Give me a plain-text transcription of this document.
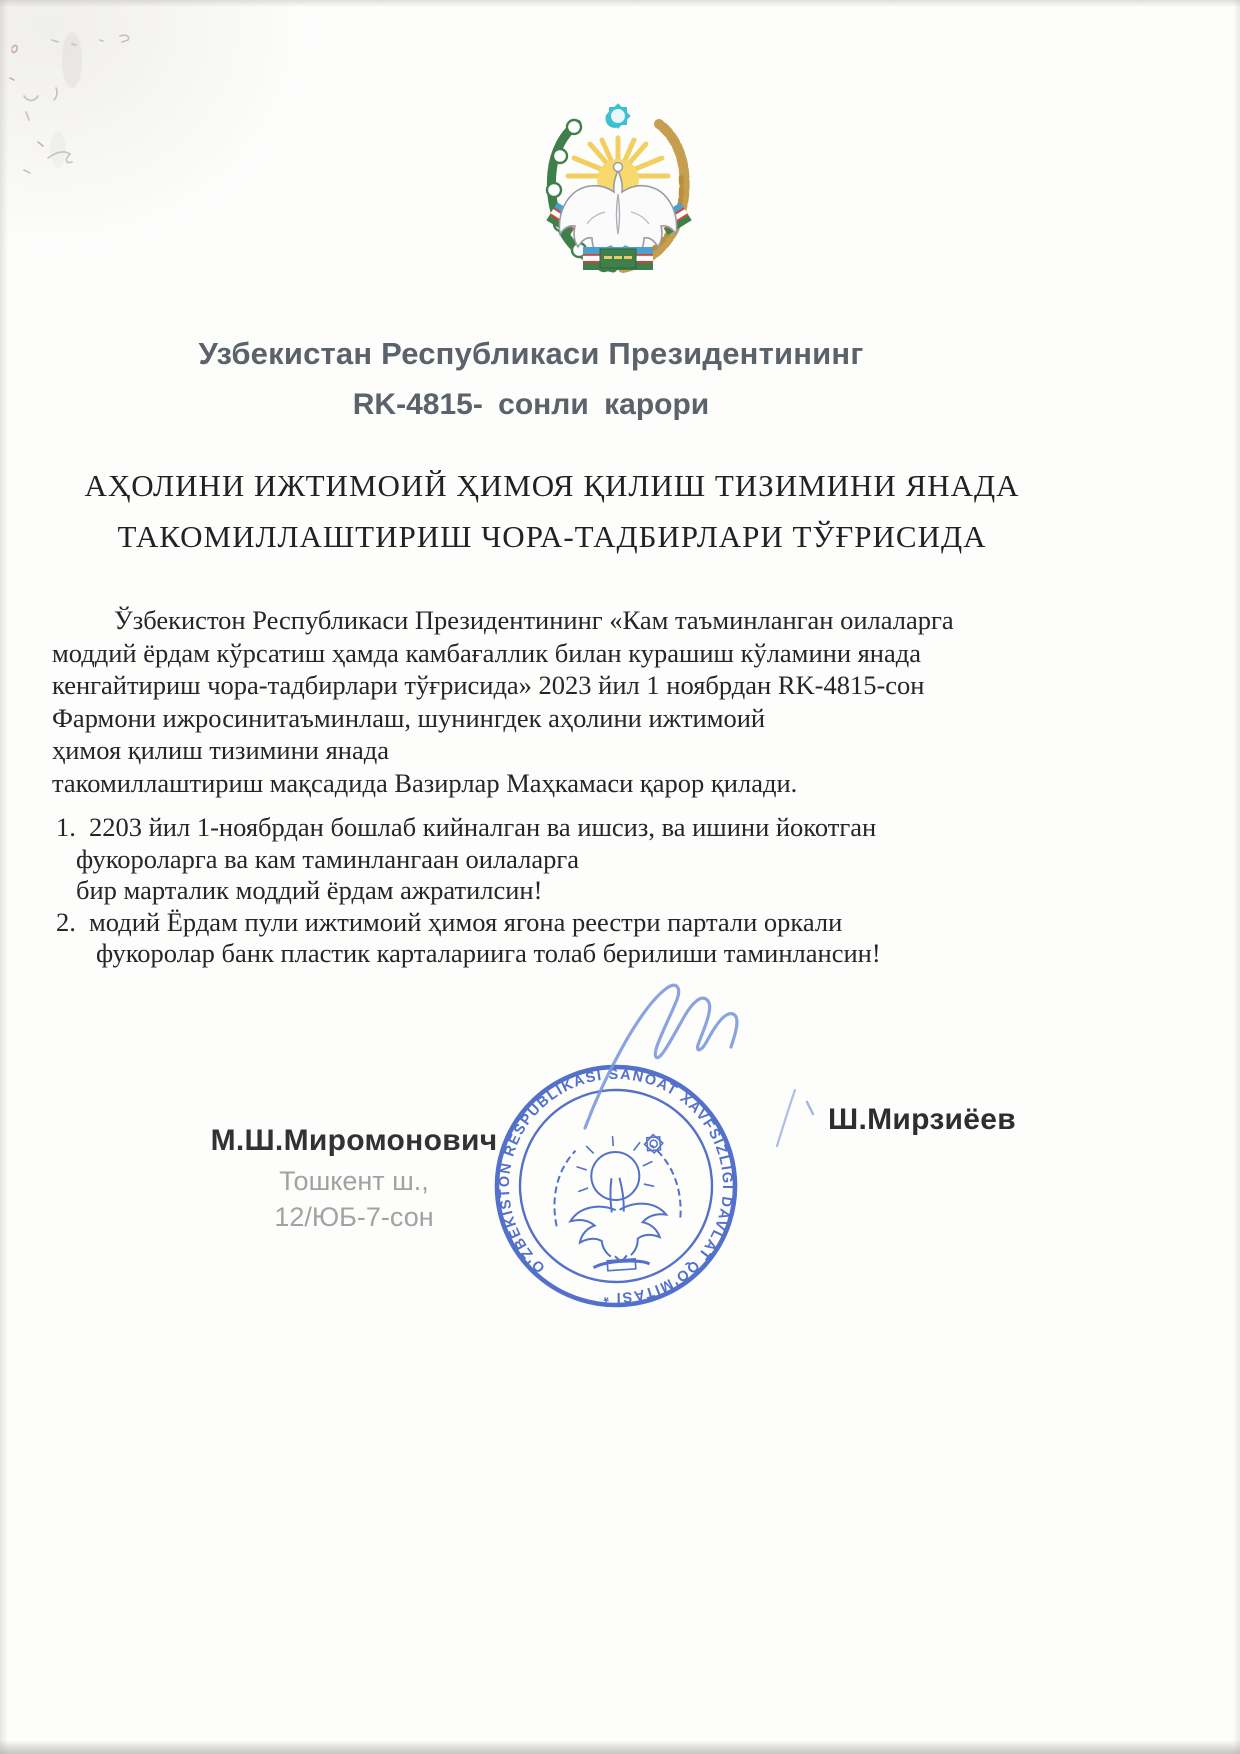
Узбекистан Республикаси Президентининг
RK-4815- сонли карори
АҲОЛИНИ ИЖТИМОИЙ ҲИМОЯ ҚИЛИШ ТИЗИМИНИ ЯНАДА
ТАКОМИЛЛАШТИРИШ ЧОРА-ТАДБИРЛАРИ ТЎҒРИСИДА
Ўзбекистон Республикаси Президентининг «Кам таъминланган оилаларга
моддий ёрдам кўрсатиш ҳамда камбағаллик билан курашиш кўламини янада
кенгайтириш чора-тадбирлари тўғрисида» 2023 йил 1 ноябрдан RK-4815-сон
Фармони ижросинитаъминлаш, шунингдек аҳолини ижтимоий
ҳимоя қилиш тизимини янада
такомиллаштириш мақсадида Вазирлар Маҳкамаси қарор қилади.
1. 2203 йил 1-ноябрдан бошлаб кийналган ва ишсиз, ва ишини йокотган
фукороларга ва кам таминлангаан оилаларга
бир марталик моддий ёрдам ажратилсин!
2. модий Ёрдам пули ижтимоий ҳимоя ягона реестри партали оркали
фукоролар банк пластик карталариига толаб берилиши таминлансин!
М.Ш.Миромонович
Тошкент ш.,
12/ЮБ-7-сон
O'ZBEKISTON RESPUBLIKASI SANOAT XAVFSIZLIGI DAVLAT QO'MITASI *
Ш.Мирзиёев
